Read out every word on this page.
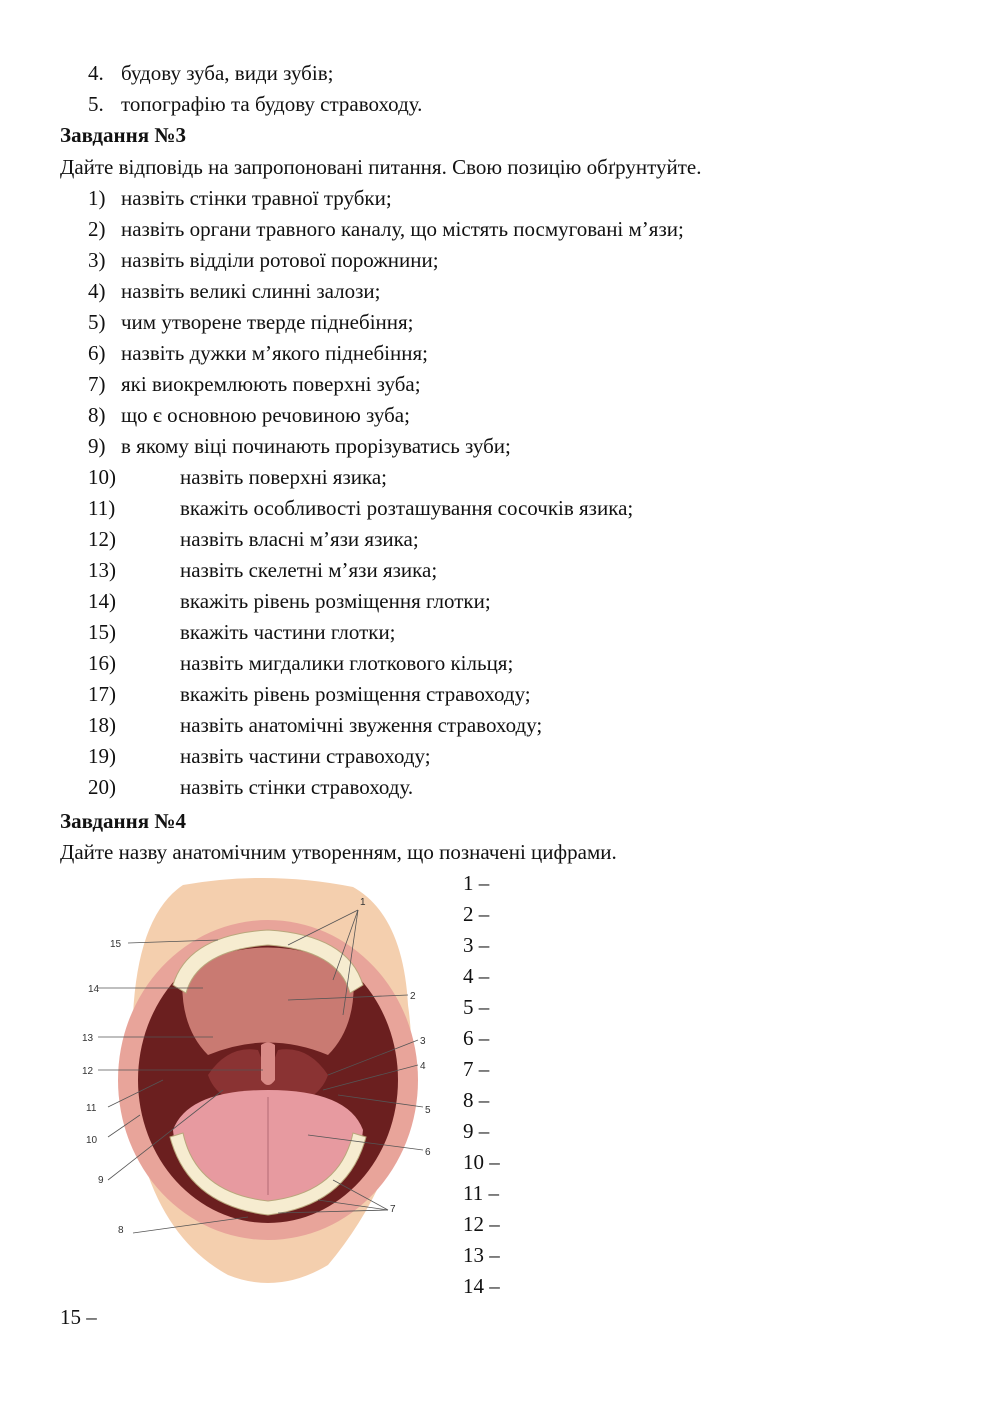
4. будову зуба, види зубів;
5. топографію та будову стравоходу.
Завдання №3
Дайте відповідь на запропоновані питання. Свою позицію обґрунтуйте.
1) назвіть стінки травної трубки;
2) назвіть органи травного каналу, що містять посмуговані м’язи;
3) назвіть відділи ротової порожнини;
4) назвіть великі слинні залози;
5) чим утворене тверде піднебіння;
6) назвіть дужки м’якого піднебіння;
7) які виокремлюють поверхні зуба;
8) що є основною речовиною зуба;
9) в якому віці починають прорізуватись зуби;
10)	назвіть поверхні язика;
11)	вкажіть особливості розташування сосочків язика;
12)	назвіть власні м’язи язика;
13)	назвіть скелетні м’язи язика;
14)	вкажіть рівень розміщення глотки;
15)	вкажіть частини глотки;
16)	назвіть мигдалики глоткового кільця;
17)	вкажіть рівень розміщення стравоходу;
18)	назвіть анатомічні звуження стравоходу;
19)	назвіть частини стравоходу;
20)	назвіть стінки стравоходу.
Завдання №4
Дайте назву анатомічним утворенням, що позначені цифрами.
1
2
3
4
5
6
7
8
9
10
11
12
13
14
15
1 –
2 –
3 –
4 –
5 –
6 –
7 –
8 –
9 –
10 –
11 –
12 –
13 –
14 –
15 –
